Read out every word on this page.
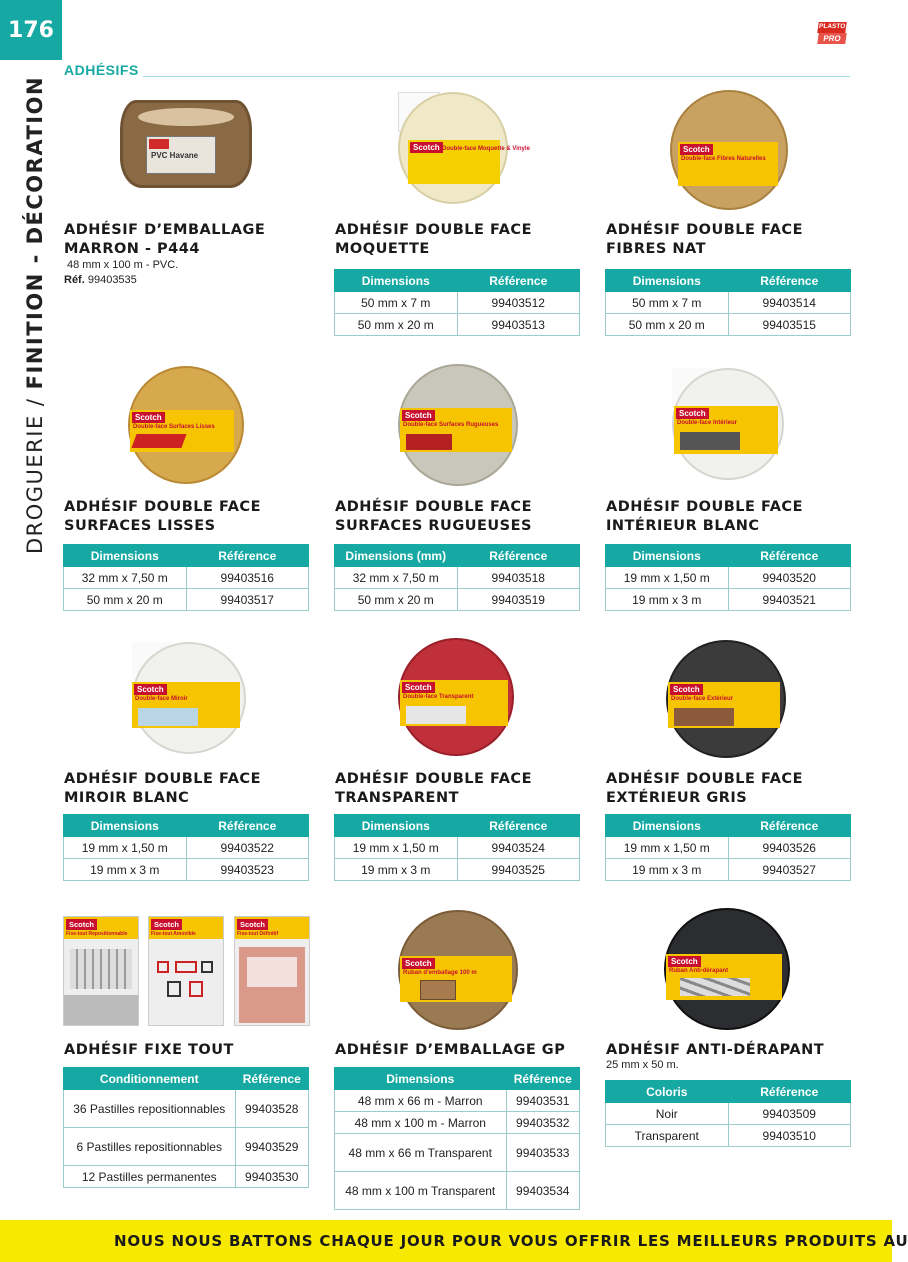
176
DROGUERIE / FINITION - DÉCORATION
PLASTO
PRO
ADHÉSIFS
PVC Havane
ADHÉSIF D’EMBALLAGE MARRON - P444
48 mm x 100 m - PVC.
Réf. 99403535
Scotch Double-face Moquette & Vinyle
ADHÉSIF DOUBLE FACE MOQUETTE
Dimensions	Référence
50 mm x 7 m	99403512
50 mm x 20 m	99403513
Scotch
Double-face Fibres Naturelles
ADHÉSIF DOUBLE FACE FIBRES NAT
Dimensions	Référence
50 mm x 7 m	99403514
50 mm x 20 m	99403515
Scotch
Double-face Surfaces Lisses
ADHÉSIF DOUBLE FACE SURFACES LISSES
Dimensions	Référence
32 mm x 7,50 m	99403516
50 mm x 20 m	99403517
Scotch
Double-face Surfaces Rugueuses
ADHÉSIF DOUBLE FACE SURFACES RUGUEUSES
Dimensions (mm)	Référence
32 mm x 7,50 m	99403518
50 mm x 20 m	99403519
Scotch
Double-face Intérieur
ADHÉSIF DOUBLE FACE INTÉRIEUR BLANC
Dimensions	Référence
19 mm x 1,50 m	99403520
19 mm x 3 m	99403521
Scotch
Double-face Miroir
ADHÉSIF DOUBLE FACE MIROIR BLANC
Dimensions	Référence
19 mm x 1,50 m	99403522
19 mm x 3 m	99403523
Scotch
Double-face Transparent
ADHÉSIF DOUBLE FACE TRANSPARENT
Dimensions	Référence
19 mm x 1,50 m	99403524
19 mm x 3 m	99403525
Scotch
Double-face Extérieur
ADHÉSIF DOUBLE FACE EXTÉRIEUR GRIS
Dimensions	Référence
19 mm x 1,50 m	99403526
19 mm x 3 m	99403527
Scotch
Fixe-tout Repositionnable
Scotch
Fixe-tout Amovible
Scotch
Fixe-tout Définitif
ADHÉSIF FIXE TOUT
Conditionnement	Référence
36 Pastilles repositionnables	99403528
6 Pastilles repositionnables	99403529
12 Pastilles permanentes	99403530
Scotch
Ruban d’emballage 100 m
ADHÉSIF D’EMBALLAGE GP
Dimensions	Référence
48 mm x 66 m - Marron	99403531
48 mm x 100 m - Marron	99403532
48 mm x 66 m Transparent	99403533
48 mm x 100 m Transparent	99403534
Scotch
Ruban Anti-dérapant
ADHÉSIF ANTI-DÉRAPANT
25 mm x 50 m.
Coloris	Référence
Noir	99403509
Transparent	99403510
NOUS NOUS BATTONS CHAQUE JOUR POUR VOUS OFFRIR LES MEILLEURS PRODUITS AU
